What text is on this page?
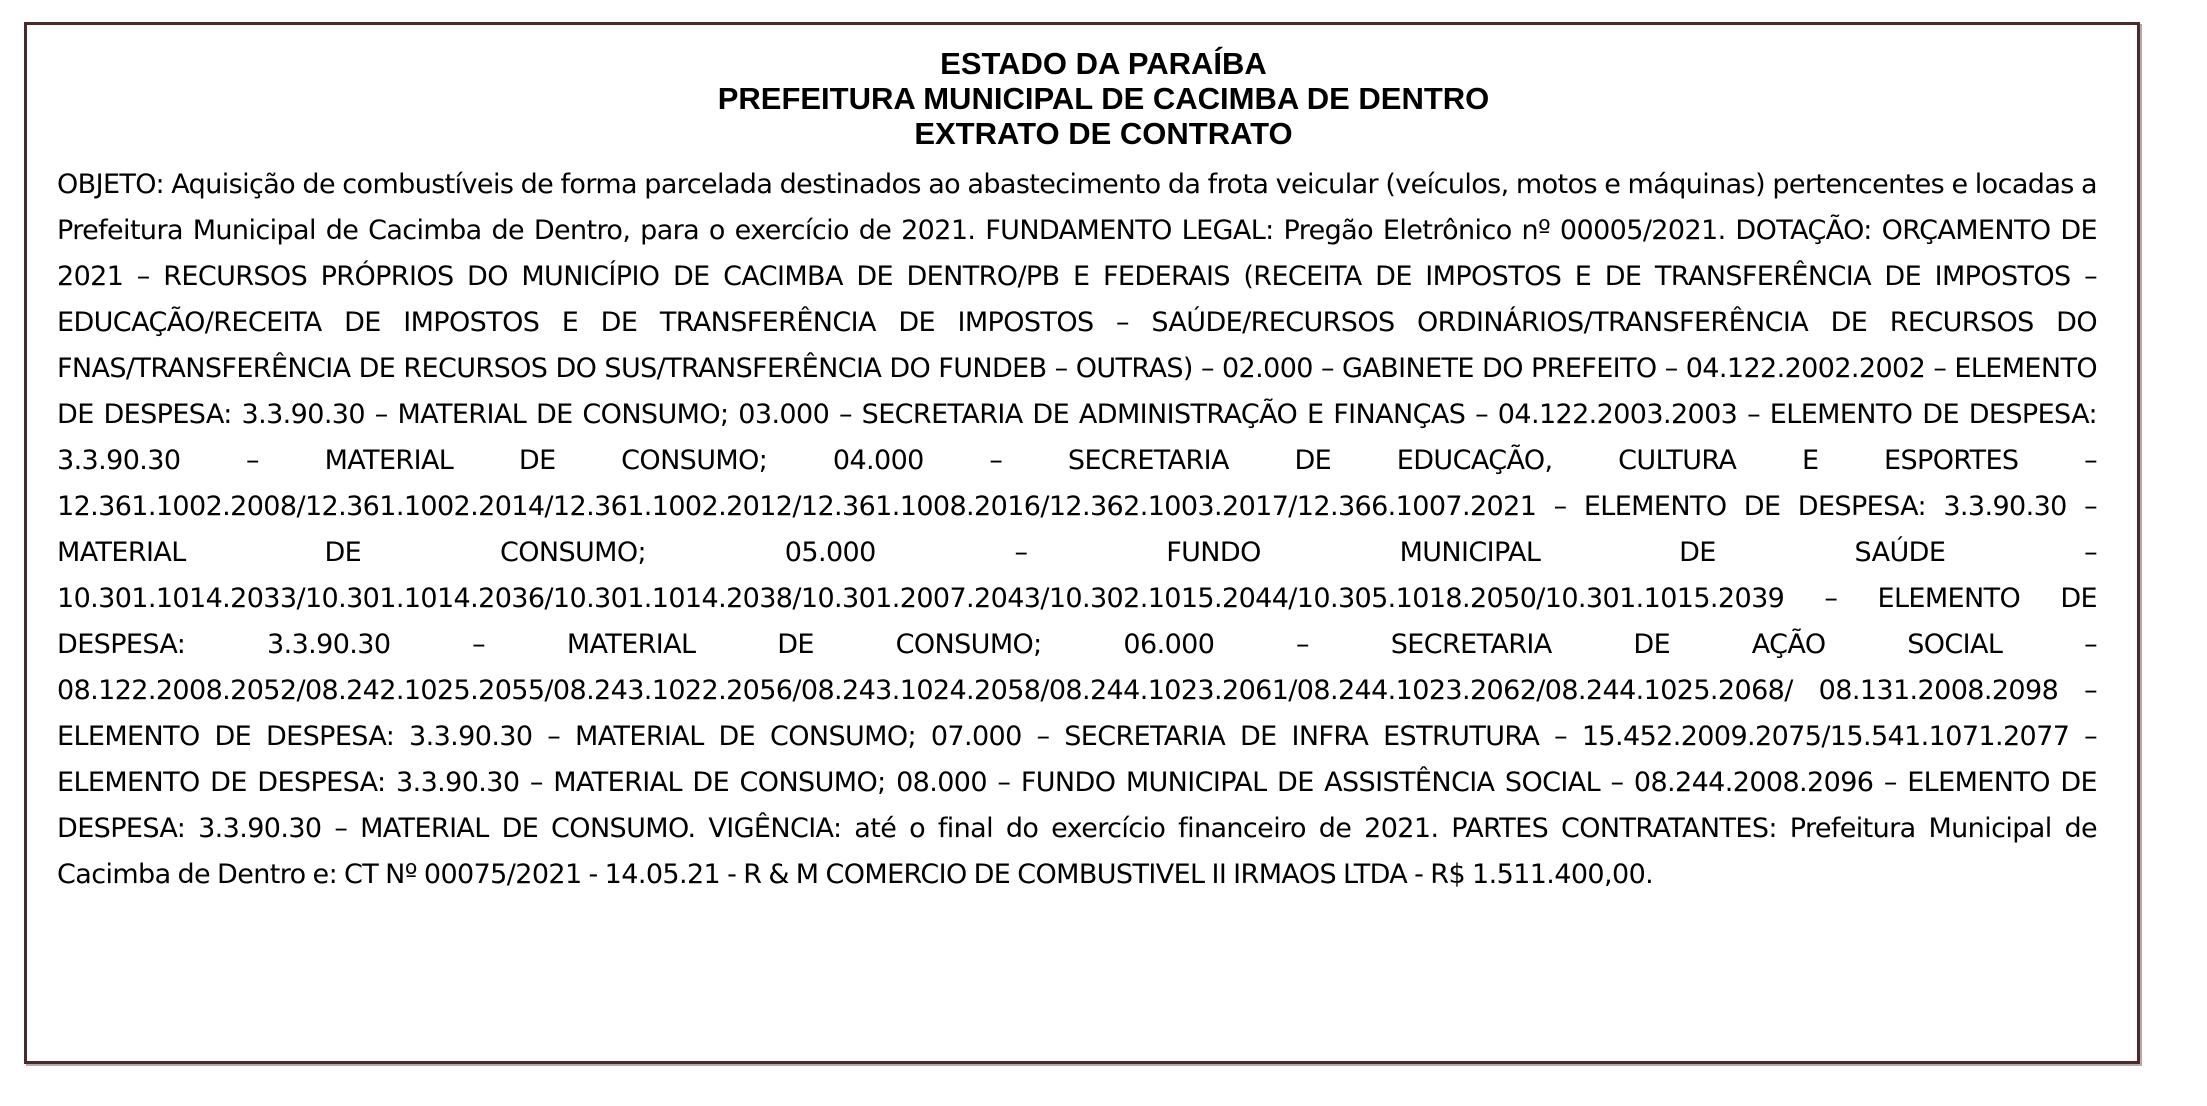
ESTADO DA PARAÍBA
PREFEITURA MUNICIPAL DE CACIMBA DE DENTRO
EXTRATO DE CONTRATO
OBJETO: Aquisição de combustíveis de forma parcelada destinados ao abastecimento da frota veicular (veículos, motos e máquinas) pertencentes e locadas a Prefeitura Municipal de Cacimba de Dentro, para o exercício de 2021. FUNDAMENTO LEGAL: Pregão Eletrônico nº 00005/2021. DOTAÇÃO: ORÇAMENTO DE 2021 – RECURSOS PRÓPRIOS DO MUNICÍPIO DE CACIMBA DE DENTRO/PB E FEDERAIS (RECEITA DE IMPOSTOS E DE TRANSFERÊNCIA DE IMPOSTOS – EDUCAÇÃO/RECEITA DE IMPOSTOS E DE TRANSFERÊNCIA DE IMPOSTOS – SAÚDE/RECURSOS ORDINÁRIOS/TRANSFERÊNCIA DE RECURSOS DO FNAS/TRANSFERÊNCIA DE RECURSOS DO SUS/TRANSFERÊNCIA DO FUNDEB – OUTRAS) – 02.000 – GABINETE DO PREFEITO – 04.122.2002.2002 – ELEMENTO DE DESPESA: 3.3.90.30 – MATERIAL DE CONSUMO; 03.000 – SECRETARIA DE ADMINISTRAÇÃO E FINANÇAS – 04.122.2003.2003 – ELEMENTO DE DESPESA: 3.3.90.30 – MATERIAL DE CONSUMO; 04.000 – SECRETARIA DE EDUCAÇÃO, CULTURA E ESPORTES – 12.361.1002.2008/12.361.1002.2014/12.361.1002.2012/12.361.1008.2016/12.362.1003.2017/12.366.1007.2021 – ELEMENTO DE DESPESA: 3.3.90.30 – MATERIAL DE CONSUMO; 05.000 – FUNDO MUNICIPAL DE SAÚDE – 10.301.1014.2033/10.301.1014.2036/10.301.1014.2038/10.301.2007.2043/10.302.1015.2044/10.305.1018.2050/10.301.1015.2039 – ELEMENTO DE DESPESA: 3.3.90.30 – MATERIAL DE CONSUMO; 06.000 – SECRETARIA DE AÇÃO SOCIAL – 08.122.2008.2052/08.242.1025.2055/08.243.1022.2056/08.243.1024.2058/08.244.1023.2061/08.244.1023.2062/08.244.1025.2068/ 08.131.2008.2098 – ELEMENTO DE DESPESA: 3.3.90.30 – MATERIAL DE CONSUMO; 07.000 – SECRETARIA DE INFRA ESTRUTURA – 15.452.2009.2075/15.541.1071.2077 – ELEMENTO DE DESPESA: 3.3.90.30 – MATERIAL DE CONSUMO; 08.000 – FUNDO MUNICIPAL DE ASSISTÊNCIA SOCIAL – 08.244.2008.2096 – ELEMENTO DE DESPESA: 3.3.90.30 – MATERIAL DE CONSUMO. VIGÊNCIA: até o final do exercício financeiro de 2021. PARTES CONTRATANTES: Prefeitura Municipal de Cacimba de Dentro e: CT Nº 00075/2021 - 14.05.21 - R & M COMERCIO DE COMBUSTIVEL II IRMAOS LTDA - R$ 1.511.400,00.
